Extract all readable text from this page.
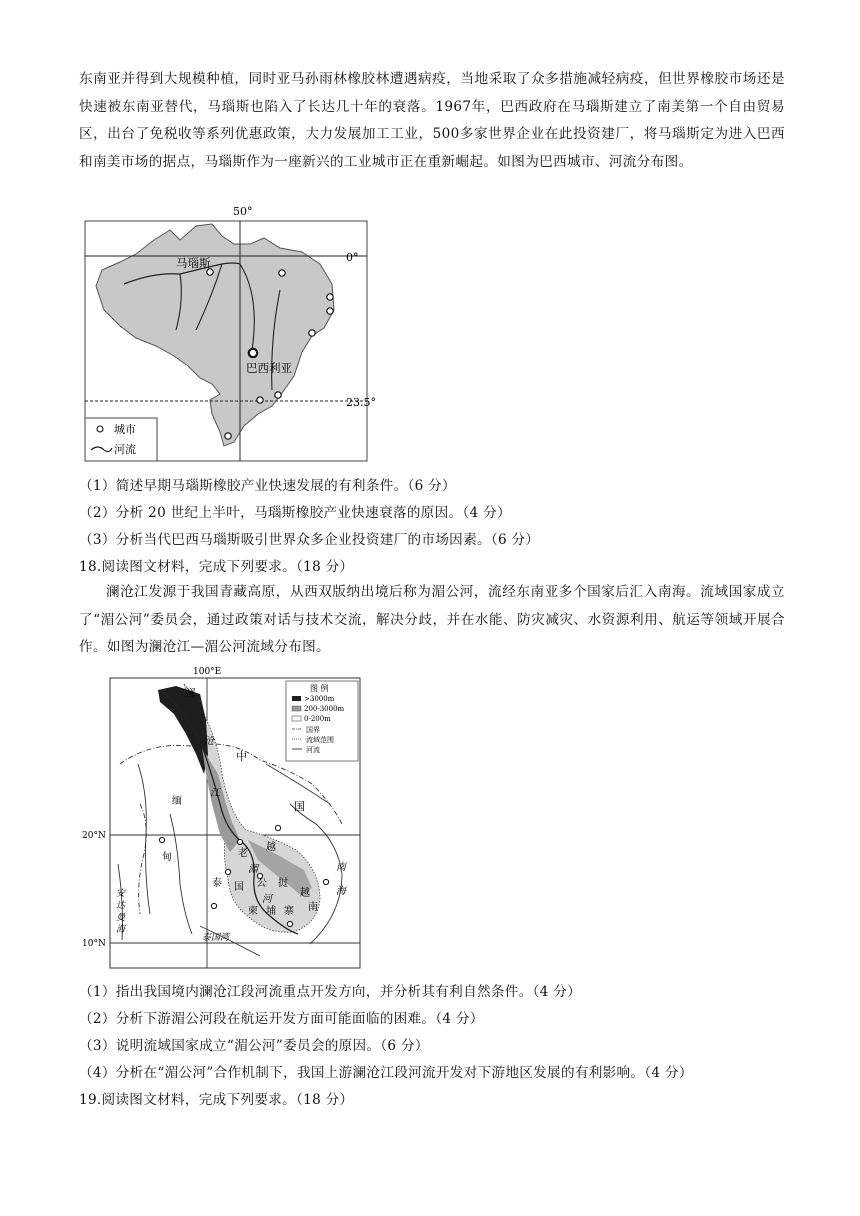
东南亚并得到大规模种植，同时亚马孙雨林橡胶林遭遇病疫，当地采取了众多措施减轻病疫，但世界橡胶市场还是快速被东南亚替代，马瑙斯也陷入了长达几十年的衰落。1967年，巴西政府在马瑙斯建立了南美第一个自由贸易区，出台了免税收等系列优惠政策，大力发展加工工业，500多家世界企业在此投资建厂，将马瑙斯定为进入巴西和南美市场的据点，马瑙斯作为一座新兴的工业城市正在重新崛起。如图为巴西城市、河流分布图。
50°
0°
23.5°
马瑙斯
巴西利亚
城市
河流
（1）简述早期马瑙斯橡胶产业快速发展的有利条件。（6 分）
（2）分析 20 世纪上半叶，马瑙斯橡胶产业快速衰落的原因。（4 分）
（3）分析当代巴西马瑙斯吸引世界众多企业投资建厂的市场因素。（6 分）
18.阅读图文材料，完成下列要求。（18 分）
澜沧江发源于我国青藏高原，从西双版纳出境后称为湄公河，流经东南亚多个国家后汇入南海。流域国家成立了“湄公河”委员会，通过政策对话与技术交流，解决分歧，并在水能、防灾减灾、水资源利用、航运等领域开展合作。如图为澜沧江—湄公河流域分布图。
100°E
20°N
10°N
图 例
>3000m
200-3000m
0-200m
国界
流域范围
河流
澜
沧
江
中
国
缅
甸	老
越
湄
公 挝
河
泰 国
柬 埔 寨
南
海
越
南
安
达
曼
海
泰国湾
（1）指出我国境内澜沧江段河流重点开发方向，并分析其有利自然条件。（4 分）
（2）分析下游湄公河段在航运开发方面可能面临的困难。（4 分）
（3）说明流域国家成立“湄公河”委员会的原因。（6 分）
（4）分析在“湄公河”合作机制下，我国上游澜沧江段河流开发对下游地区发展的有利影响。（4 分）
19.阅读图文材料，完成下列要求。（18 分）
